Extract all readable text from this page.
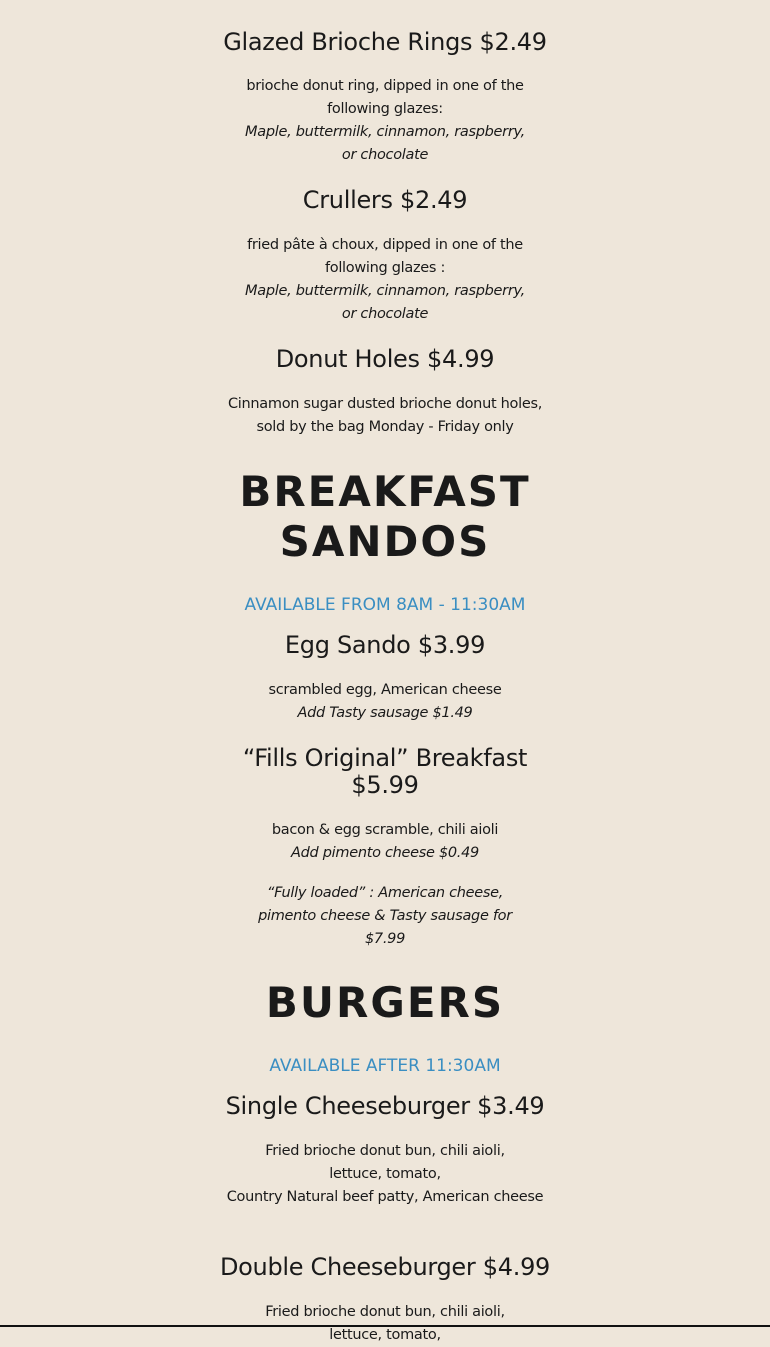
Glazed Brioche Rings $2.49

brioche donut ring, dipped in one of the following glazes:

Maple, buttermilk, cinnamon, raspberry, or chocolate

Crullers $2.49

fried pâte à choux, dipped in one of the following glazes :

Maple, buttermilk, cinnamon, raspberry, or chocolate

Donut Holes $4.99

Cinnamon sugar dusted brioche donut holes, sold by the bag Monday - Friday only

BREAKFAST
SANDOS

AVAILABLE FROM 8AM - 11:30AM

Egg Sando $3.99

scrambled egg, American cheese

Add Tasty sausage $1.49

“Fills Original” Breakfast
$5.99

bacon & egg scramble, chili aioli

Add pimento cheese $0.49

“Fully loaded” : American cheese, pimento cheese & Tasty sausage for $7.99

BURGERS

AVAILABLE AFTER 11:30AM

Single Cheeseburger $3.49

Fried brioche donut bun, chili aioli, lettuce, tomato,

Country Natural beef patty, American cheese

Double Cheeseburger $4.99

Fried brioche donut bun, chili aioli, lettuce, tomato,
